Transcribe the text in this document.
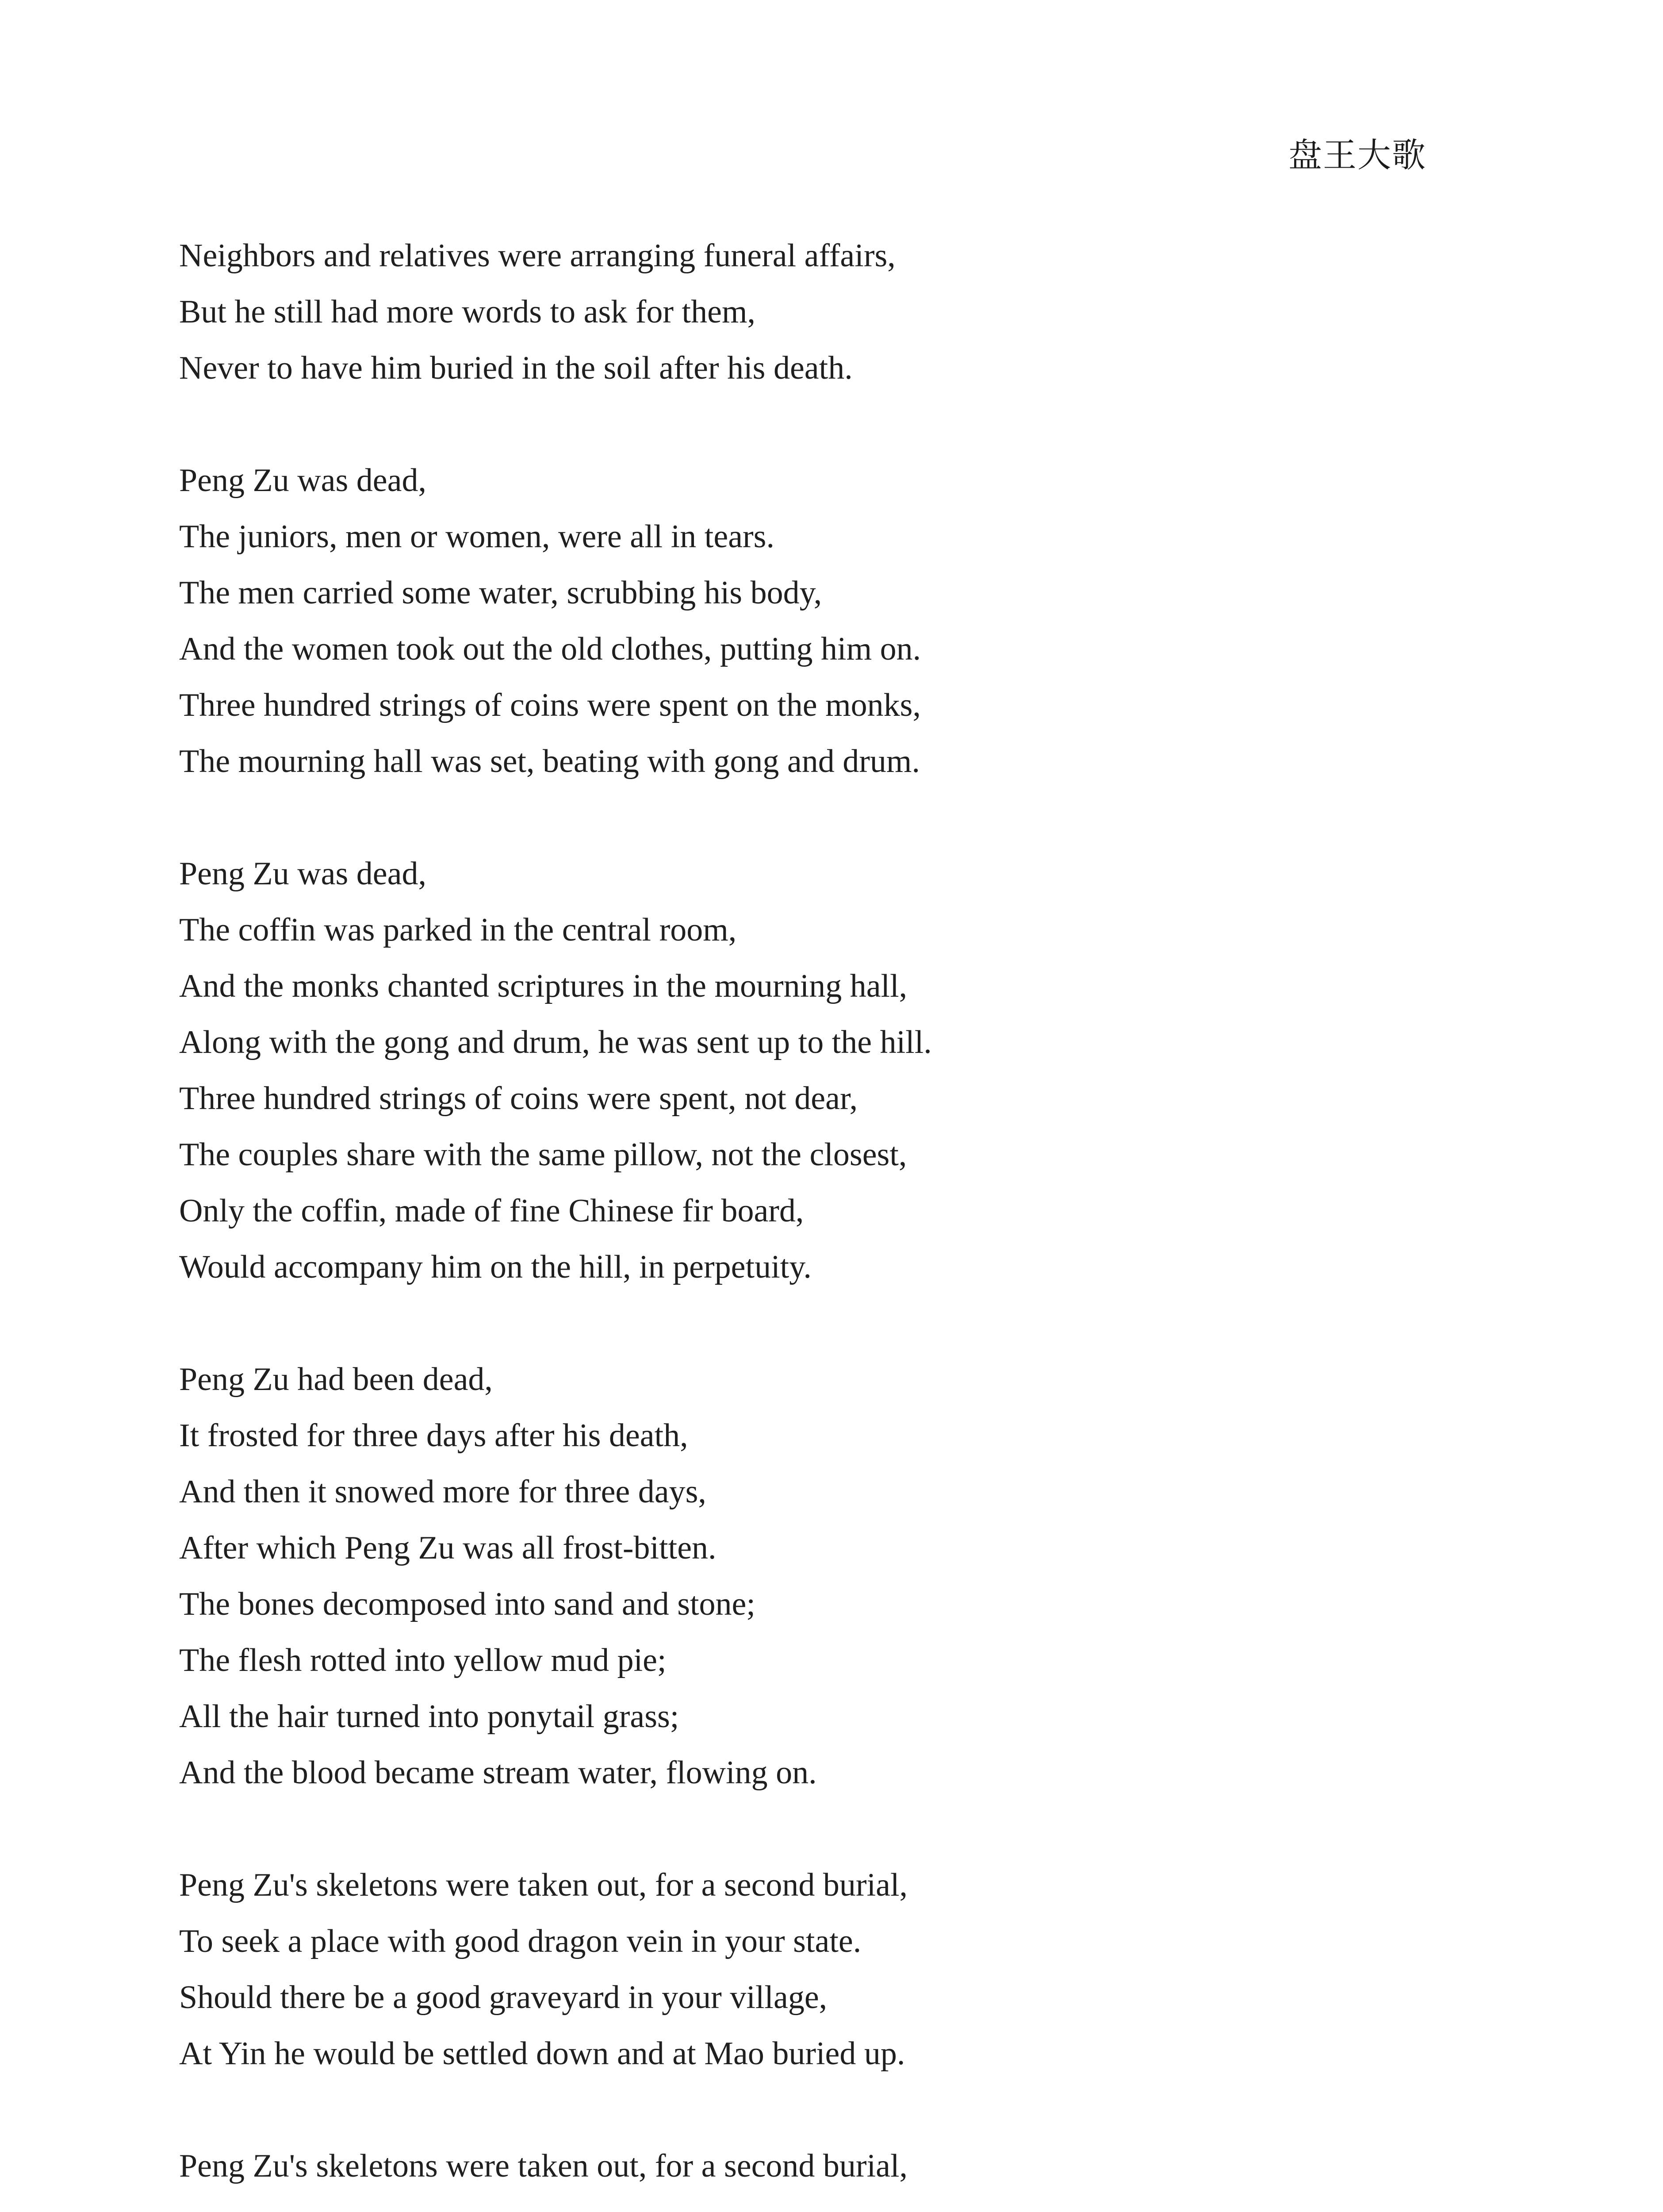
盘王大歌
Neighbors and relatives were arranging funeral affairs,
But he still had more words to ask for them,
Never to have him buried in the soil after his death.
Peng Zu was dead,
The juniors, men or women, were all in tears.
The men carried some water, scrubbing his body,
And the women took out the old clothes, putting him on.
Three hundred strings of coins were spent on the monks,
The mourning hall was set, beating with gong and drum.
Peng Zu was dead,
The coffin was parked in the central room,
And the monks chanted scriptures in the mourning hall,
Along with the gong and drum, he was sent up to the hill.
Three hundred strings of coins were spent, not dear,
The couples share with the same pillow, not the closest,
Only the coffin, made of fine Chinese fir board,
Would accompany him on the hill, in perpetuity.
Peng Zu had been dead,
It frosted for three days after his death,
And then it snowed more for three days,
After which Peng Zu was all frost-bitten.
The bones decomposed into sand and stone;
The flesh rotted into yellow mud pie;
All the hair turned into ponytail grass;
And the blood became stream water, flowing on.
Peng Zu's skeletons were taken out, for a second burial,
To seek a place with good dragon vein in your state.
Should there be a good graveyard in your village,
At Yin he would be settled down and at Mao buried up.
Peng Zu's skeletons were taken out, for a second burial,
